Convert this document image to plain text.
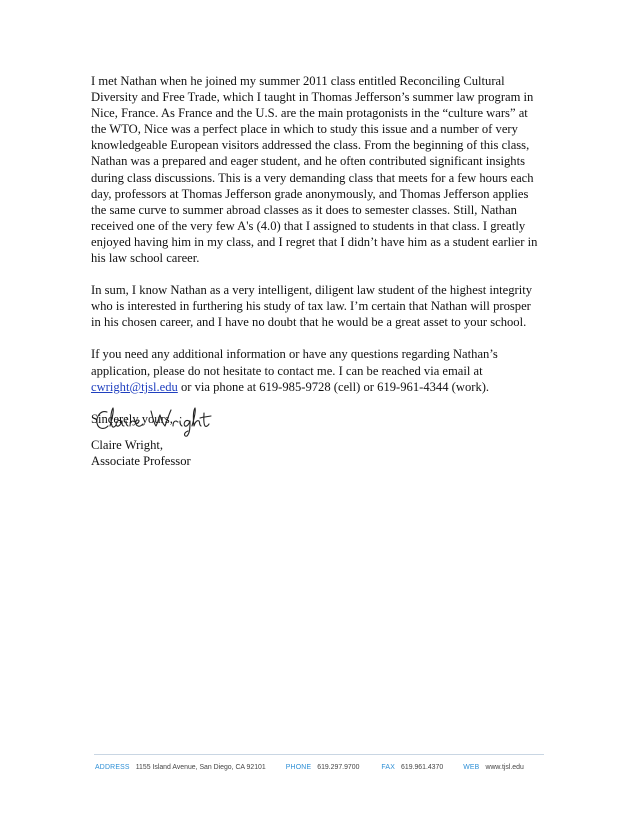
I met Nathan when he joined my summer 2011 class entitled Reconciling Cultural Diversity and Free Trade, which I taught in Thomas Jefferson’s summer law program in Nice, France. As France and the U.S. are the main protagonists in the “culture wars” at the WTO, Nice was a perfect place in which to study this issue and a number of very knowledgeable European visitors addressed the class. From the beginning of this class, Nathan was a prepared and eager student, and he often contributed significant insights during class discussions. This is a very demanding class that meets for a few hours each day, professors at Thomas Jefferson grade anonymously, and Thomas Jefferson applies the same curve to summer abroad classes as it does to semester classes. Still, Nathan received one of the very few A's (4.0) that I assigned to students in that class. I greatly enjoyed having him in my class, and I regret that I didn’t have him as a student earlier in his law school career.

In sum, I know Nathan as a very intelligent, diligent law student of the highest integrity who is interested in furthering his study of tax law. I’m certain that Nathan will prosper in his chosen career, and I have no doubt that he would be a great asset to your school.

If you need any additional information or have any questions regarding Nathan’s application, please do not hesitate to contact me. I can be reached via email at cwright@tjsl.edu or via phone at 619-985-9728 (cell) or 619-961-4344 (work).

Sincerely yours,

Claire Wright,
Associate Professor
ADDRESS 1155 Island Avenue, San Diego, CA 92101	PHONE 619.297.9700	FAX 619.961.4370	WEB www.tjsl.edu
